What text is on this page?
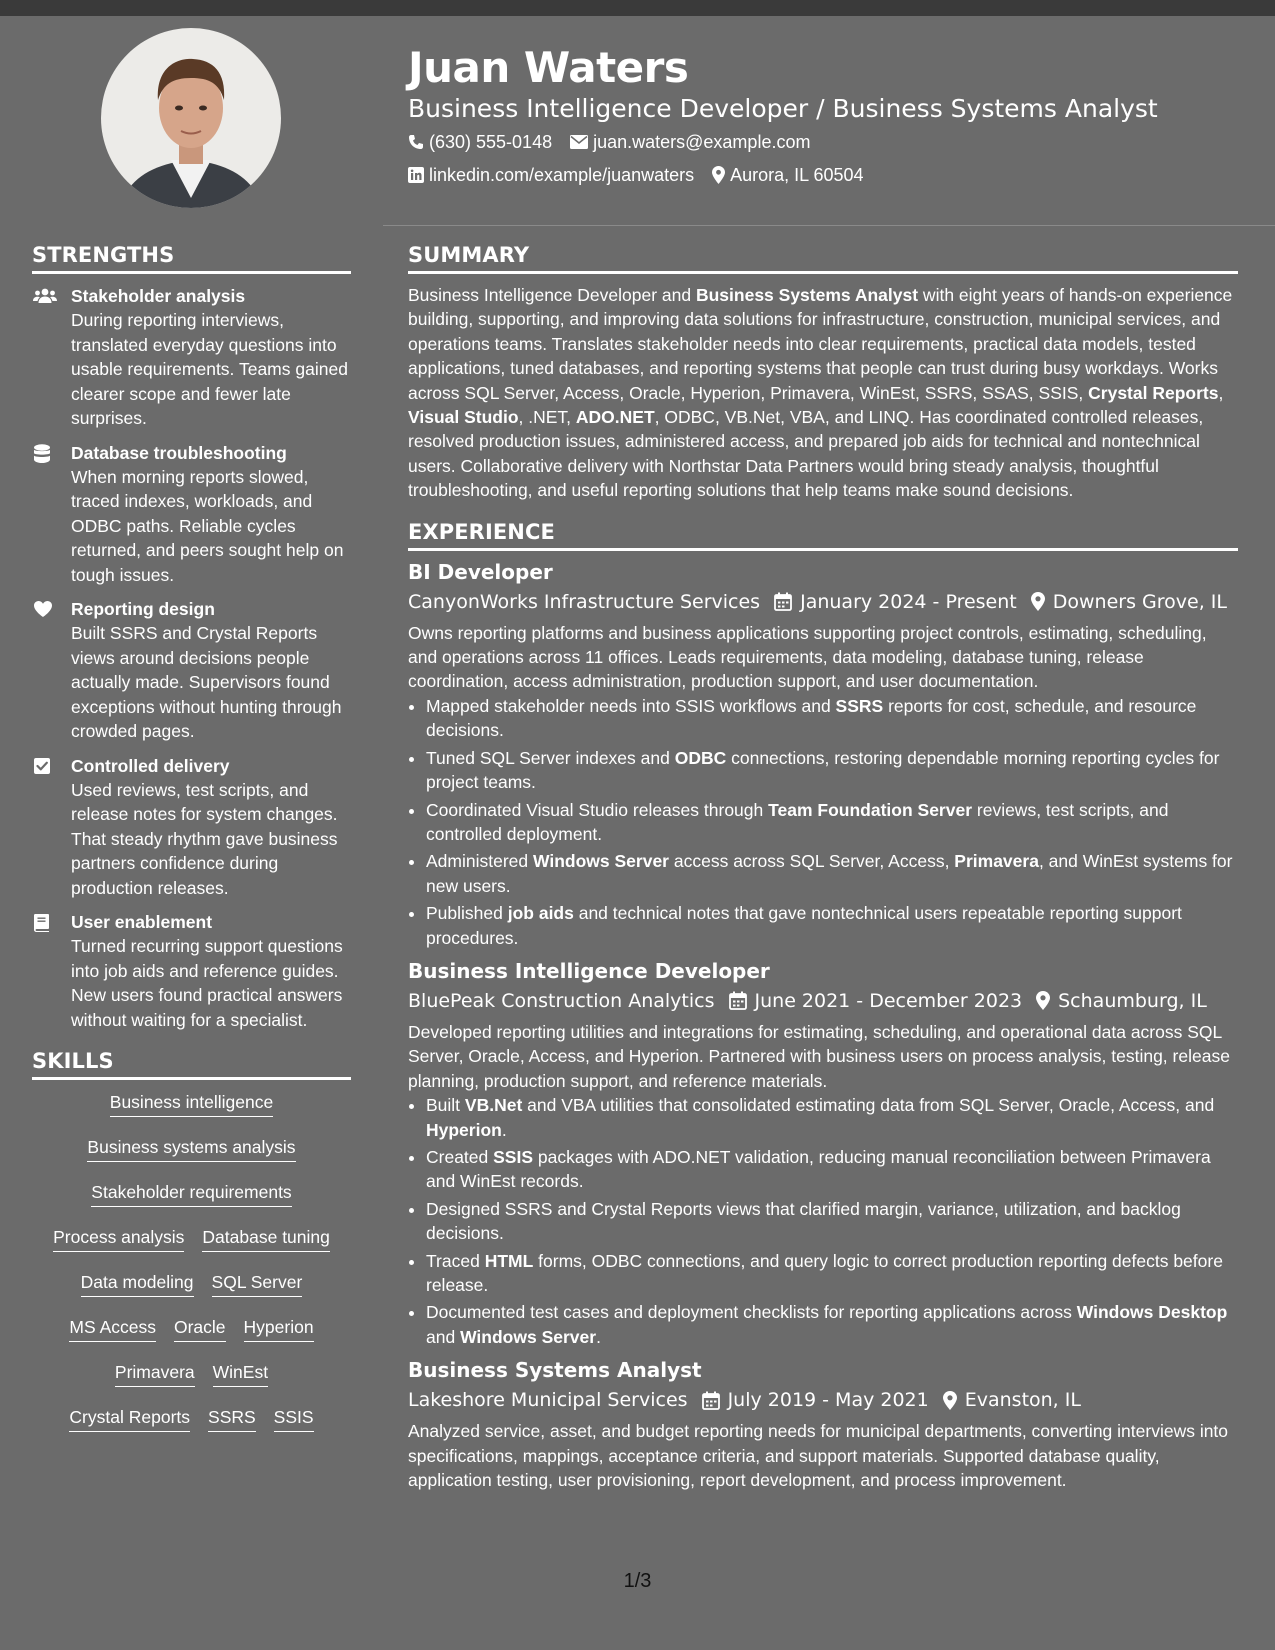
Juan Waters
Business Intelligence Developer / Business Systems Analyst
(630) 555-0148 juan.waters@example.com
linkedin.com/example/juanwaters Aurora, IL 60504
STRENGTHS
Stakeholder analysis
During reporting interviews, translated everyday questions into usable requirements. Teams gained clearer scope and fewer late surprises.
Database troubleshooting
When morning reports slowed, traced indexes, workloads, and ODBC paths. Reliable cycles returned, and peers sought help on tough issues.
Reporting design
Built SSRS and Crystal Reports views around decisions people actually made. Supervisors found exceptions without hunting through crowded pages.
Controlled delivery
Used reviews, test scripts, and release notes for system changes. That steady rhythm gave business partners confidence during production releases.
User enablement
Turned recurring support questions into job aids and reference guides. New users found practical answers without waiting for a specialist.
SKILLS
Business intelligence
Business systems analysis
Stakeholder requirements
Process analysis Database tuning
Data modeling SQL Server
MS Access Oracle Hyperion
Primavera WinEst
Crystal Reports SSRS SSIS
SUMMARY
Business Intelligence Developer and Business Systems Analyst with eight years of hands-on experience building, supporting, and improving data solutions for infrastructure, construction, municipal services, and operations teams. Translates stakeholder needs into clear requirements, practical data models, tested applications, tuned databases, and reporting systems that people can trust during busy workdays. Works across SQL Server, Access, Oracle, Hyperion, Primavera, WinEst, SSRS, SSAS, SSIS, Crystal Reports, Visual Studio, .NET, ADO.NET, ODBC, VB.Net, VBA, and LINQ. Has coordinated controlled releases, resolved production issues, administered access, and prepared job aids for technical and nontechnical users. Collaborative delivery with Northstar Data Partners would bring steady analysis, thoughtful troubleshooting, and useful reporting solutions that help teams make sound decisions.
EXPERIENCE
BI Developer
CanyonWorks Infrastructure Services January 2024 - Present Downers Grove, IL
Owns reporting platforms and business applications supporting project controls, estimating, scheduling, and operations across 11 offices. Leads requirements, data modeling, database tuning, release coordination, access administration, production support, and user documentation.
• Mapped stakeholder needs into SSIS workflows and SSRS reports for cost, schedule, and resource decisions.
• Tuned SQL Server indexes and ODBC connections, restoring dependable morning reporting cycles for project teams.
• Coordinated Visual Studio releases through Team Foundation Server reviews, test scripts, and controlled deployment.
• Administered Windows Server access across SQL Server, Access, Primavera, and WinEst systems for new users.
• Published job aids and technical notes that gave nontechnical users repeatable reporting support procedures.
Business Intelligence Developer
BluePeak Construction Analytics June 2021 - December 2023 Schaumburg, IL
Developed reporting utilities and integrations for estimating, scheduling, and operational data across SQL Server, Oracle, Access, and Hyperion. Partnered with business users on process analysis, testing, release planning, production support, and reference materials.
• Built VB.Net and VBA utilities that consolidated estimating data from SQL Server, Oracle, Access, and Hyperion.
• Created SSIS packages with ADO.NET validation, reducing manual reconciliation between Primavera and WinEst records.
• Designed SSRS and Crystal Reports views that clarified margin, variance, utilization, and backlog decisions.
• Traced HTML forms, ODBC connections, and query logic to correct production reporting defects before release.
• Documented test cases and deployment checklists for reporting applications across Windows Desktop and Windows Server.
Business Systems Analyst
Lakeshore Municipal Services July 2019 - May 2021 Evanston, IL
Analyzed service, asset, and budget reporting needs for municipal departments, converting interviews into specifications, mappings, acceptance criteria, and support materials. Supported database quality, application testing, user provisioning, report development, and process improvement.
1/3
